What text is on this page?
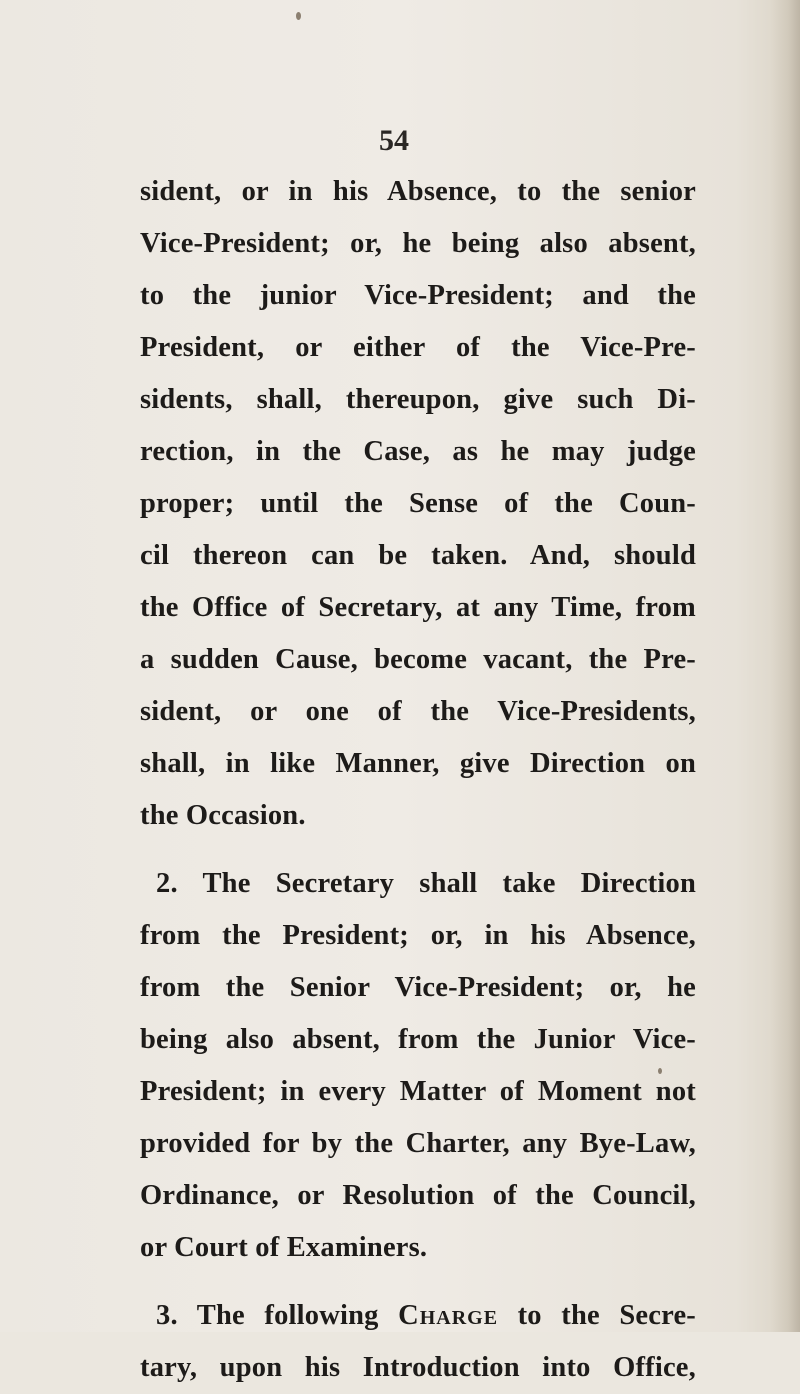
54
sident, or in his Absence, to the senior
Vice-President; or, he being also absent,
to the junior Vice-President; and the
President, or either of the Vice-Pre-
sidents, shall, thereupon, give such Di-
rection, in the Case, as he may judge
proper; until the Sense of the Coun-
cil thereon can be taken. And, should
the Office of Secretary, at any Time, from
a sudden Cause, become vacant, the Pre-
sident, or one of the Vice-Presidents,
shall, in like Manner, give Direction on
the Occasion.
2. The Secretary shall take Direction
from the President; or, in his Absence,
from the Senior Vice-President; or, he
being also absent, from the Junior Vice-
President; in every Matter of Moment not
provided for by the Charter, any Bye-Law,
Ordinance, or Resolution of the Council,
or Court of Examiners.
3. The following Charge to the Secre-
tary, upon his Introduction into Office,
